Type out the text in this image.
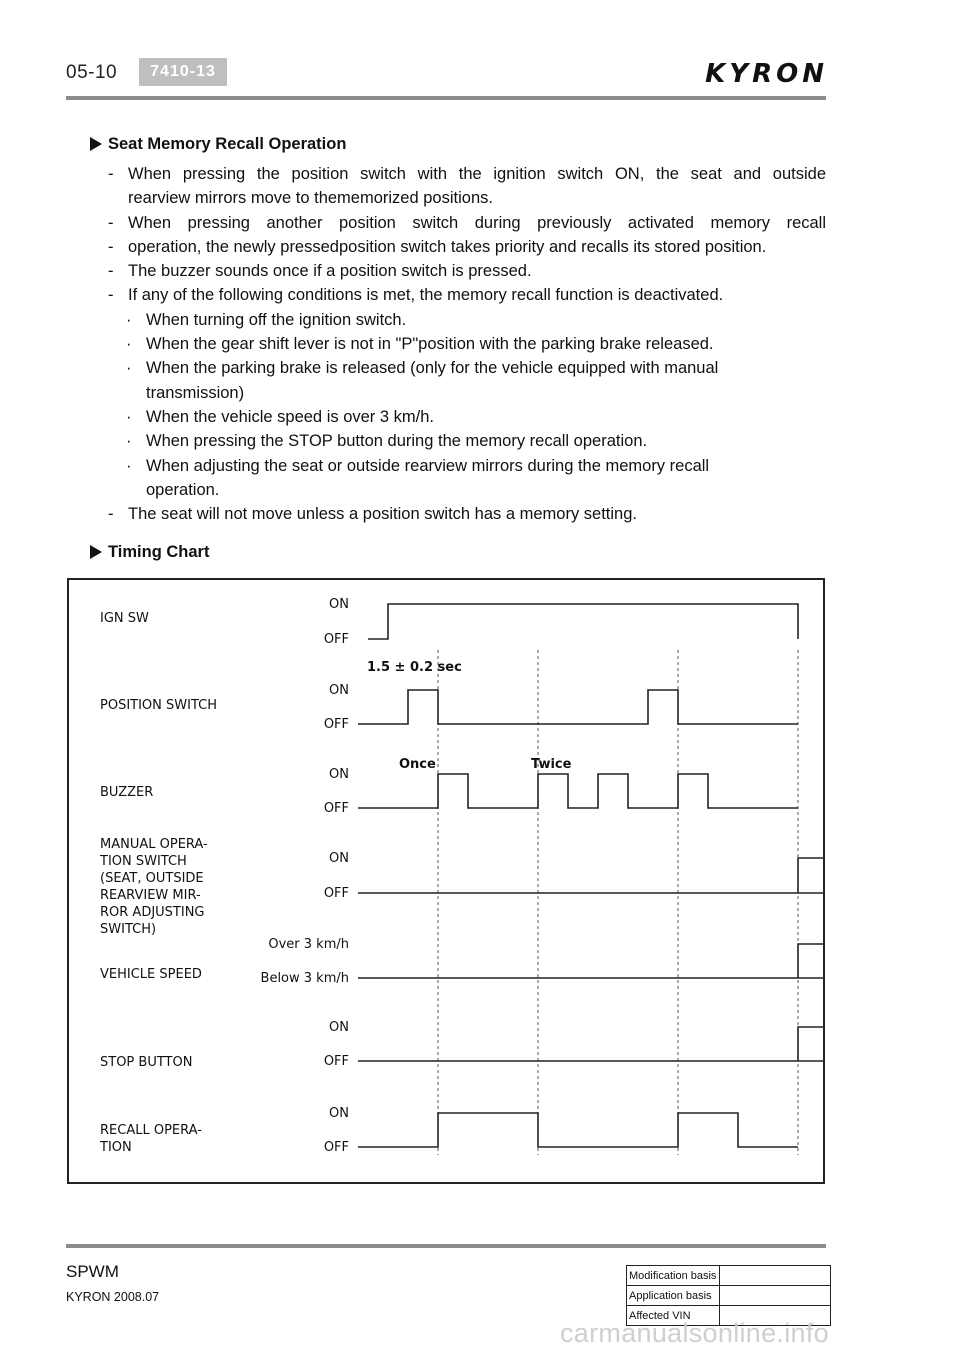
05-10	7410-13	KYRON
Seat Memory Recall Operation
- When pressing the position switch with the ignition switch ON, the seat and outside
rearview mirrors move to thememorized positions.
- When pressing another position switch during previously activated memory recall
- operation, the newly pressedposition switch takes priority and recalls its stored position.
- The buzzer sounds once if a position switch is pressed.
- If any of the following conditions is met, the memory recall function is deactivated.
· When turning off the ignition switch.
· When the gear shift lever is not in "P"position with the parking brake released.
· When the parking brake is released (only for the vehicle equipped with manual
transmission)
· When the vehicle speed is over 3 km/h.
· When pressing the STOP button during the memory recall operation.
· When adjusting the seat or outside rearview mirrors during the memory recall
operation.
- The seat will not move unless a position switch has a memory setting.
Timing Chart
IGN SW
ON
OFF
POSITION SWITCH
ON
OFF
BUZZER
ON
OFF
MANUAL OPERA-
TION SWITCH
(SEAT, OUTSIDE
REARVIEW MIR-
ROR ADJUSTING
SWITCH)
ON
OFF
VEHICLE SPEED
Over 3 km/h
Below 3 km/h
STOP BUTTON
ON
OFF
RECALL OPERA-
TION
ON
OFF
1.5 ± 0.2 sec
Once	Twice
SPWM
KYRON 2008.07
Modification basis	
Application basis	
Affected VIN	
carmanualsonline.info
